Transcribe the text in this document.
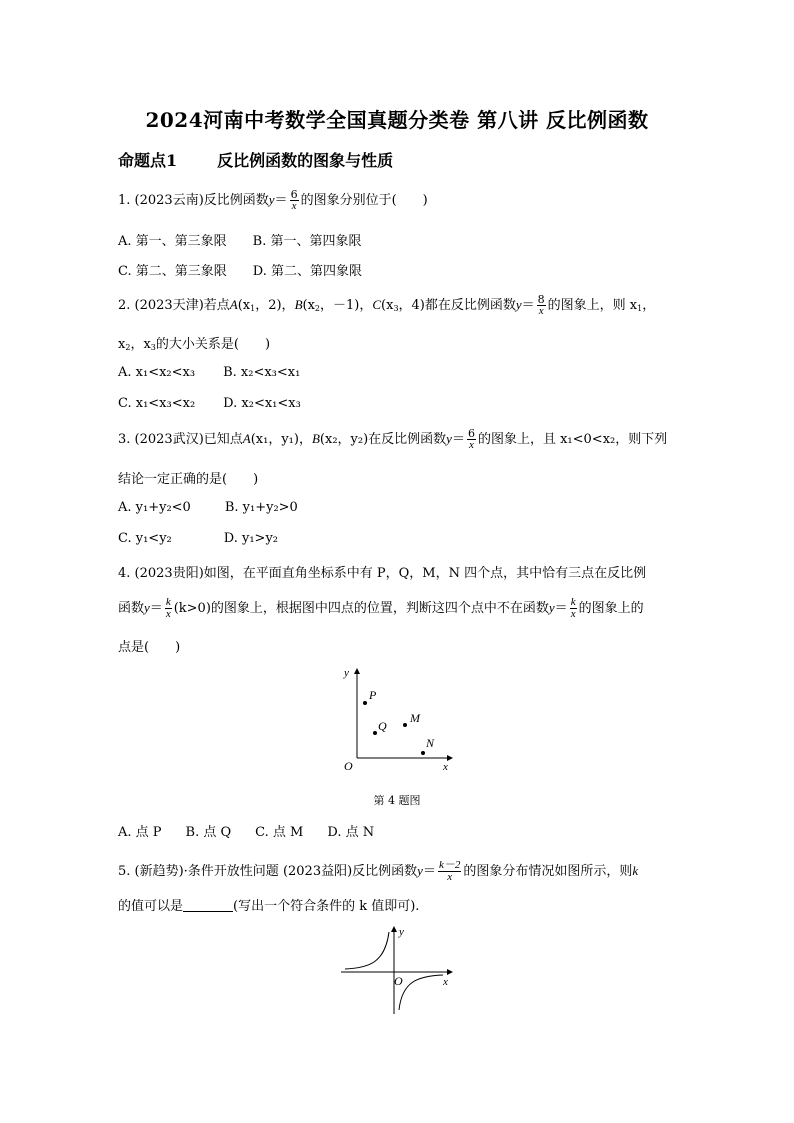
2024河南中考数学全国真题分类卷 第八讲 反比例函数
命题点1	反比例函数的图象与性质
1. (2023云南)反比例函数$y= \frac{6}{x}$ 的图象分别位于(　　)
A. 第一、第三象限 B. 第一、第四象限
C. 第二、第三象限 D. 第二、第四象限
2. (2023天津)若点$A(x_1$，2)，$B(x_2$，－1)，$C(x_3$，4)都在反比例函数$y= \frac{8}{x}$ 的图象上，则 $x_1$，
$x_2$，$x_3$的大小关系是(　　)
A. x₁<x₂<x₃ B. x₂<x₃<x₁
C. x₁<x₃<x₂ D. x₂<x₁<x₃
3. (2023武汉)已知点A(x₁，y₁)，B(x₂，y₂)在反比例函数$y= \frac{6}{x}$ 的图象上，且 x₁<0<x₂，则下列
结论一定正确的是(　　)
A. y₁+y₂<0	B. y₁+y₂>0
C. y₁<y₂	D. y₁>y₂
4. (2023贵阳)如图，在平面直角坐标系中有 P，Q，M，N 四个点，其中恰有三点在反比例
函数$y= \frac{k}{x} (k>0)$的图象上，根据图中四点的位置，判断这四个点中不在函数$y= \frac{k}{x}$ 的图象上的
点是(　　)
y
x
O
P
Q
M
N
第 4 题图
A. 点 P B. 点 Q C. 点 M D. 点 N
5. (新趋势)·条件开放性问题 (2023益阳)反比例函数$y= \frac{k-2}{x}$ 的图象分布情况如图所示，则k
的值可以是	(写出一个符合条件的 k 值即可).
y
x
O
